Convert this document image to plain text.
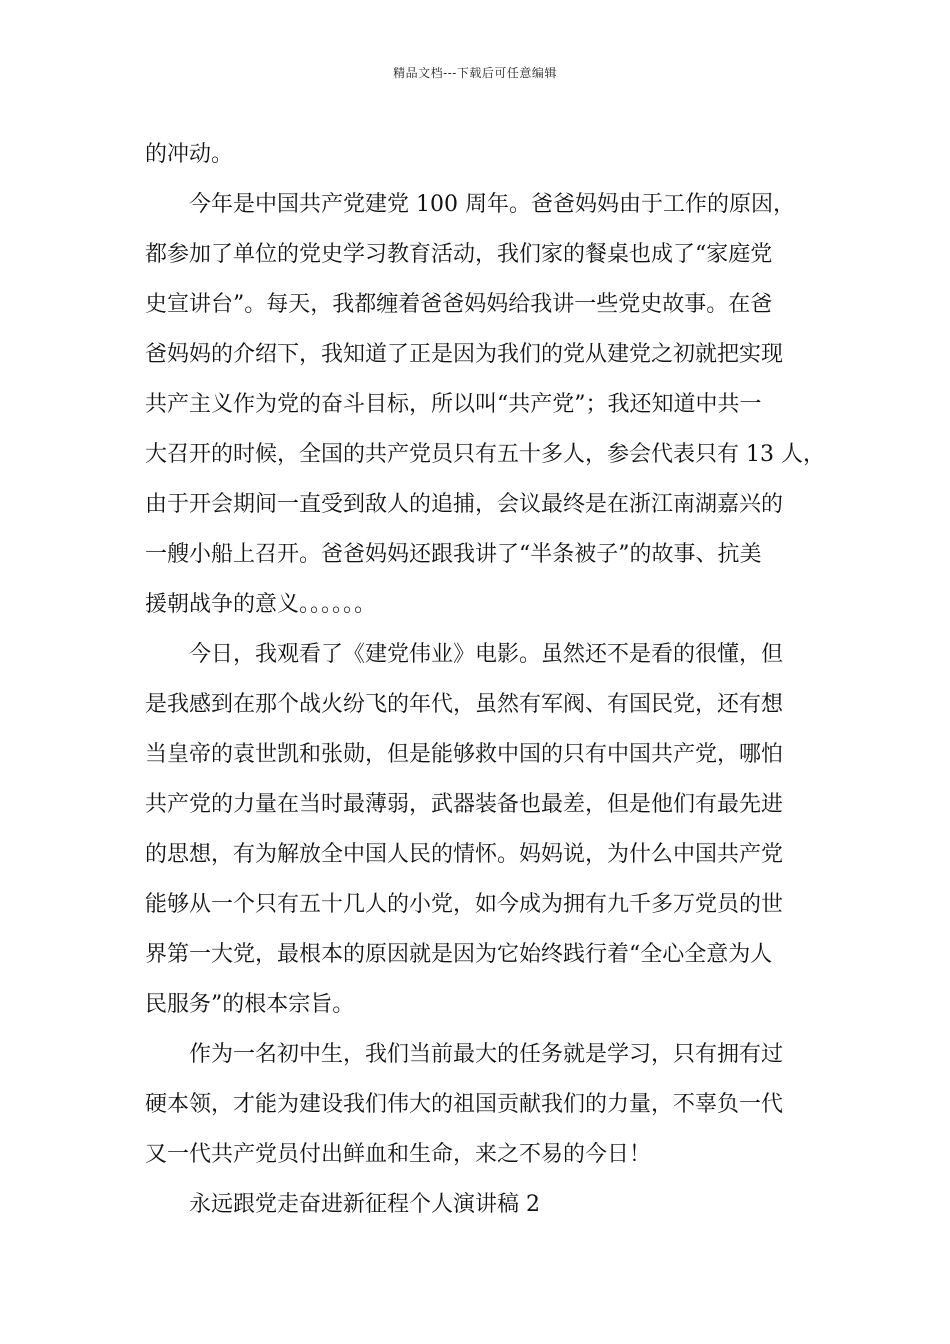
精品文档---下载后可任意编辑
的冲动。
今年是中国共产党建党 100 周年。爸爸妈妈由于工作的原因，
都参加了单位的党史学习教育活动，我们家的餐桌也成了“家庭党
史宣讲台”。每天，我都缠着爸爸妈妈给我讲一些党史故事。在爸
爸妈妈的介绍下，我知道了正是因为我们的党从建党之初就把实现
共产主义作为党的奋斗目标，所以叫“共产党”；我还知道中共一
大召开的时候，全国的共产党员只有五十多人，参会代表只有 13 人，
由于开会期间一直受到敌人的追捕，会议最终是在浙江南湖嘉兴的
一艘小船上召开。爸爸妈妈还跟我讲了“半条被子”的故事、抗美
援朝战争的意义。。。。。。
今日，我观看了《建党伟业》电影。虽然还不是看的很懂，但
是我感到在那个战火纷飞的年代，虽然有军阀、有国民党，还有想
当皇帝的袁世凯和张勋，但是能够救中国的只有中国共产党，哪怕
共产党的力量在当时最薄弱，武器装备也最差，但是他们有最先进
的思想，有为解放全中国人民的情怀。妈妈说，为什么中国共产党
能够从一个只有五十几人的小党，如今成为拥有九千多万党员的世
界第一大党，最根本的原因就是因为它始终践行着“全心全意为人
民服务”的根本宗旨。
作为一名初中生，我们当前最大的任务就是学习，只有拥有过
硬本领，才能为建设我们伟大的祖国贡献我们的力量，不辜负一代
又一代共产党员付出鲜血和生命，来之不易的今日！
永远跟党走奋进新征程个人演讲稿 2
